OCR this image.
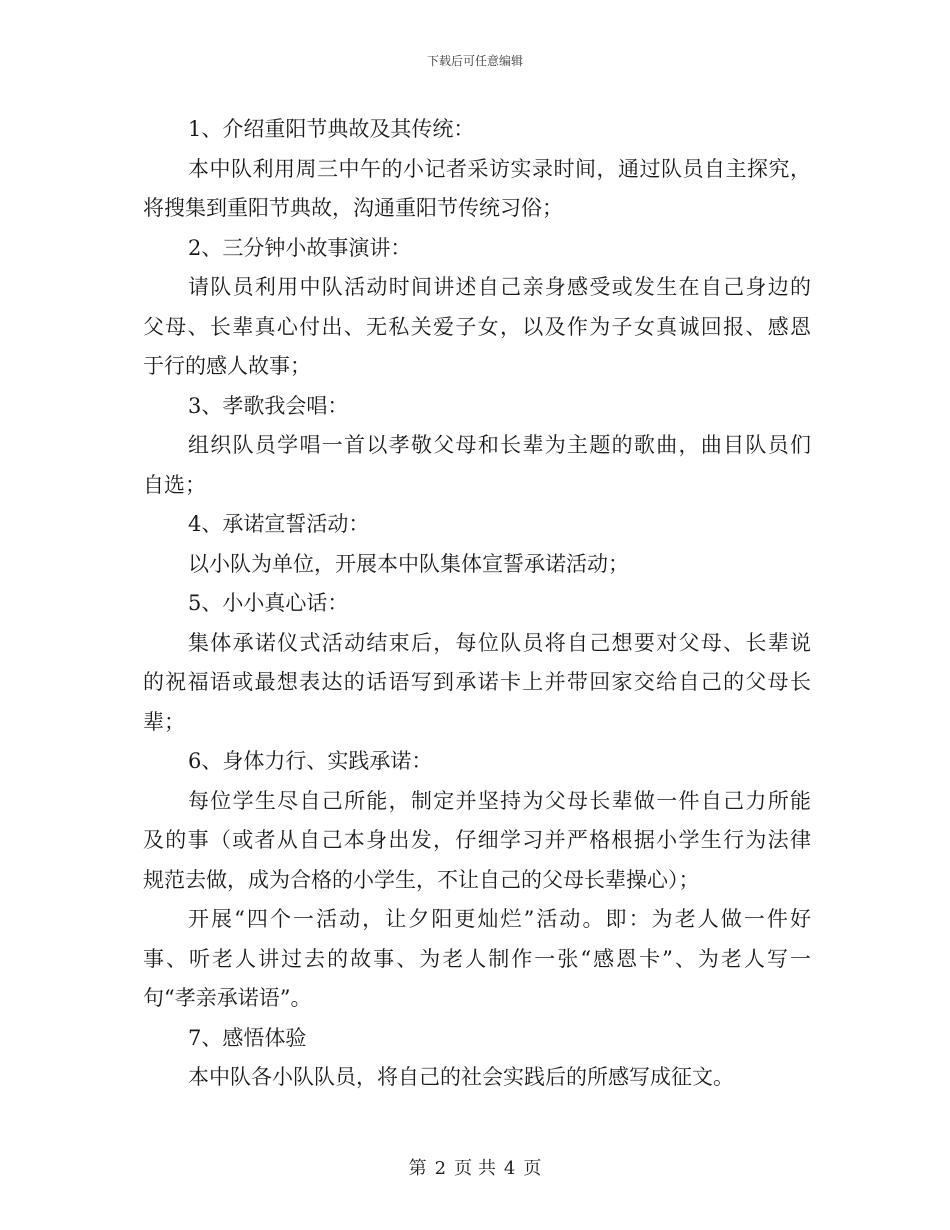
下载后可任意编辑
1、介绍重阳节典故及其传统：
本中队利用周三中午的小记者采访实录时间，通过队员自主探究，
将搜集到重阳节典故，沟通重阳节传统习俗；
2、三分钟小故事演讲：
请队员利用中队活动时间讲述自己亲身感受或发生在自己身边的
父母、长辈真心付出、无私关爱子女，以及作为子女真诚回报、感恩
于行的感人故事；
3、孝歌我会唱：
组织队员学唱一首以孝敬父母和长辈为主题的歌曲，曲目队员们
自选；
4、承诺宣誓活动：
以小队为单位，开展本中队集体宣誓承诺活动；
5、小小真心话：
集体承诺仪式活动结束后，每位队员将自己想要对父母、长辈说
的祝福语或最想表达的话语写到承诺卡上并带回家交给自己的父母长
辈；
6、身体力行、实践承诺：
每位学生尽自己所能，制定并坚持为父母长辈做一件自己力所能
及的事（或者从自己本身出发，仔细学习并严格根据小学生行为法律
规范去做，成为合格的小学生，不让自己的父母长辈操心）；
开展“四个一活动，让夕阳更灿烂”活动。即：为老人做一件好
事、听老人讲过去的故事、为老人制作一张“感恩卡”、为老人写一
句“孝亲承诺语”。
7、感悟体验
本中队各小队队员，将自己的社会实践后的所感写成征文。
第 2 页 共 4 页
